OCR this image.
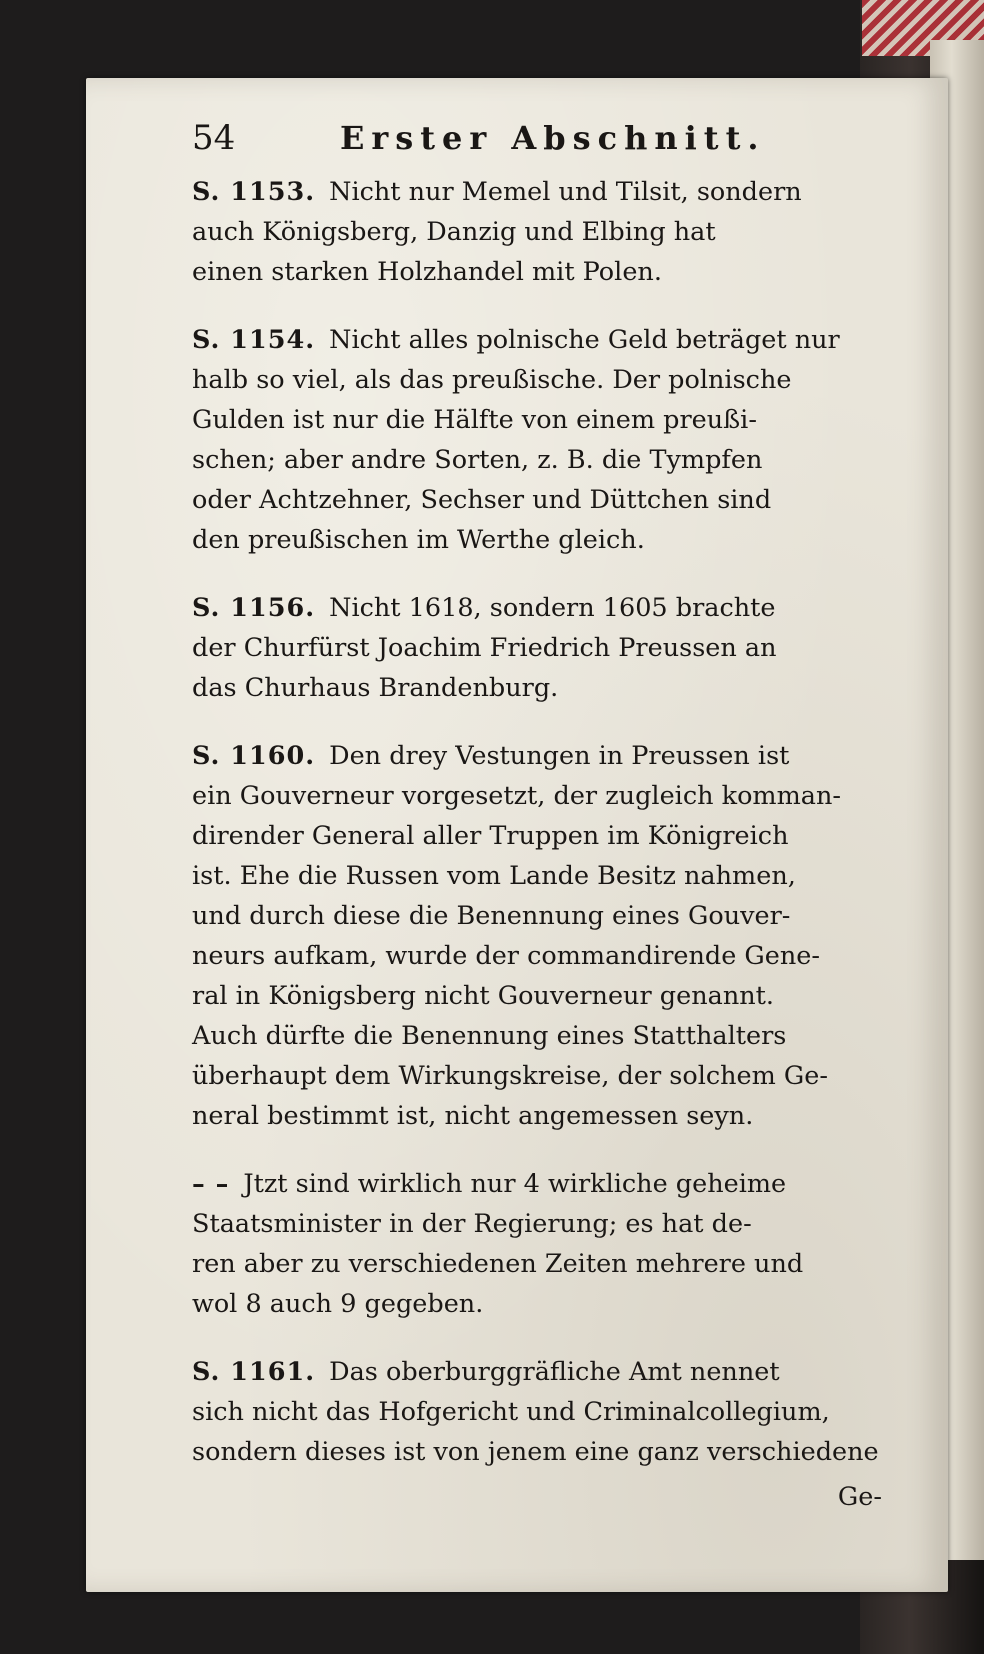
54	Erster Abschnitt.
S. 1153. Nicht nur Memel und Tilsit, sondern
auch Königsberg, Danzig und Elbing hat
einen starken Holzhandel mit Polen.
S. 1154. Nicht alles polnische Geld beträget nur
halb so viel, als das preußische. Der polnische
Gulden ist nur die Hälfte von einem preußi-
schen; aber andre Sorten, z. B. die Tympfen
oder Achtzehner, Sechser und Düttchen sind
den preußischen im Werthe gleich.
S. 1156. Nicht 1618, sondern 1605 brachte
der Churfürst Joachim Friedrich Preussen an
das Churhaus Brandenburg.
S. 1160. Den drey Vestungen in Preussen ist
ein Gouverneur vorgesetzt, der zugleich komman-
dirender General aller Truppen im Königreich
ist. Ehe die Russen vom Lande Besitz nahmen,
und durch diese die Benennung eines Gouver-
neurs aufkam, wurde der commandirende Gene-
ral in Königsberg nicht Gouverneur genannt.
Auch dürfte die Benennung eines Statthalters
überhaupt dem Wirkungskreise, der solchem Ge-
neral bestimmt ist, nicht angemessen seyn.
– – Jtzt sind wirklich nur 4 wirkliche geheime
Staatsminister in der Regierung; es hat de-
ren aber zu verschiedenen Zeiten mehrere und
wol 8 auch 9 gegeben.
S. 1161. Das oberburggräfliche Amt nennet
sich nicht das Hofgericht und Criminalcollegium,
sondern dieses ist von jenem eine ganz verschiedene
Ge-
